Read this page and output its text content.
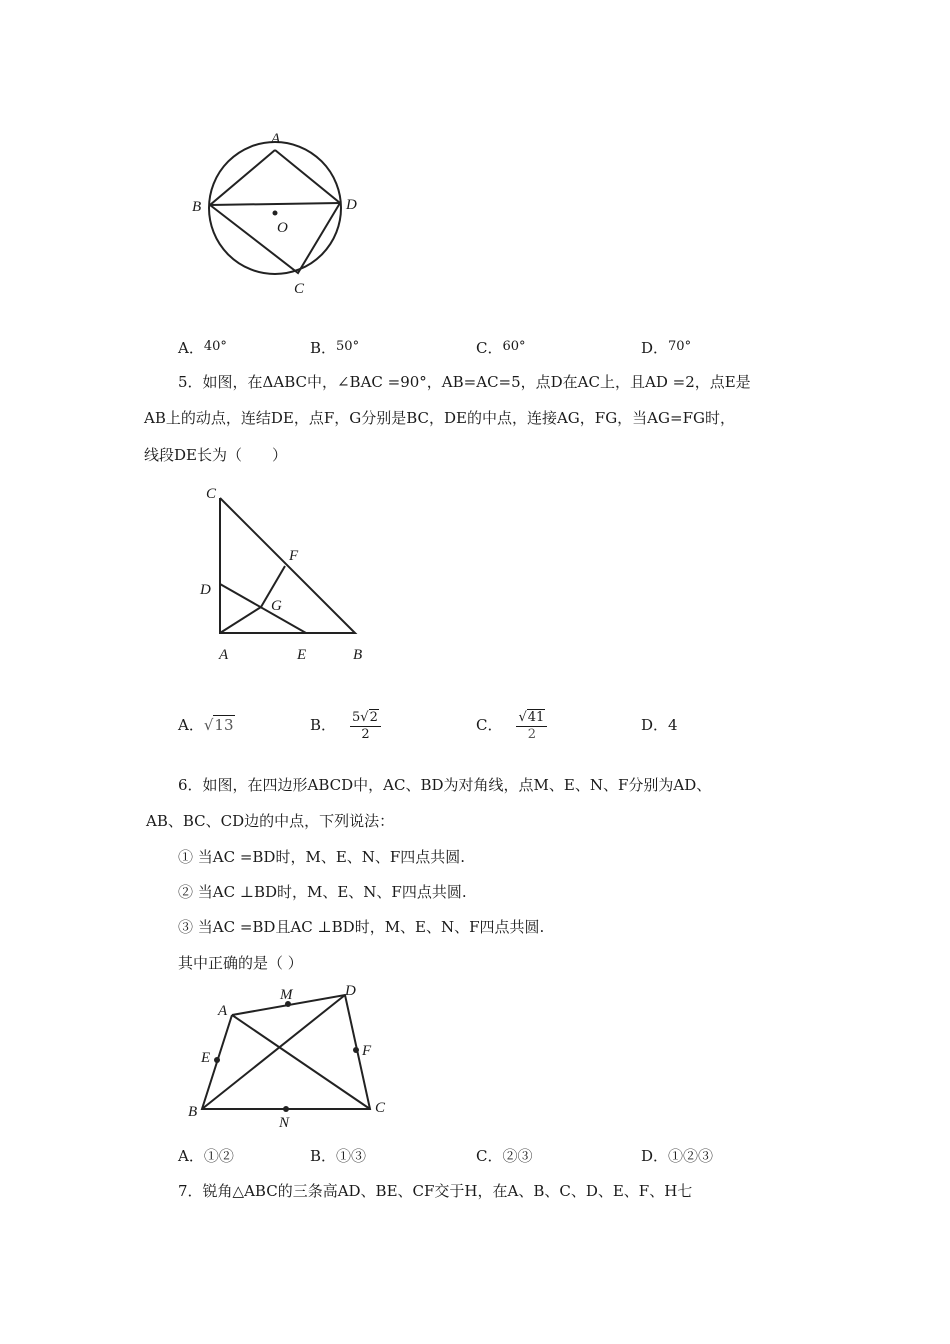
A
B	D
O
C
A．40°	B．50°	C．60°	D．70°
5．如图，在ΔABC中，∠BAC =90°，AB=AC=5，点D在AC上，且AD =2，点E是
AB上的动点，连结DE，点F，G分别是BC，DE的中点，连接AG，FG，当AG=FG时，
线段DE长为（　　）
C
F
D
G
A	E	B
A．√13	B． $\frac{5√2}{2}$	C． $\frac{√41}{2}$	D．4
6．如图，在四边形ABCD中，AC、BD为对角线，点M、E、N、F分别为AD、
AB、BC、CD边的中点，下列说法：
① 当AC =BD时，M、E、N、F四点共圆.
② 当AC ⊥BD时，M、E、N、F四点共圆.
③ 当AC =BD且AC ⊥BD时，M、E、N、F四点共圆.
其中正确的是（ ）
A
M	D
E	F
B
N
C
A．①②	B．①③	C．②③	D．①②③
7．锐角△ABC的三条高AD、BE、CF交于H，在A、B、C、D、E、F、H七
